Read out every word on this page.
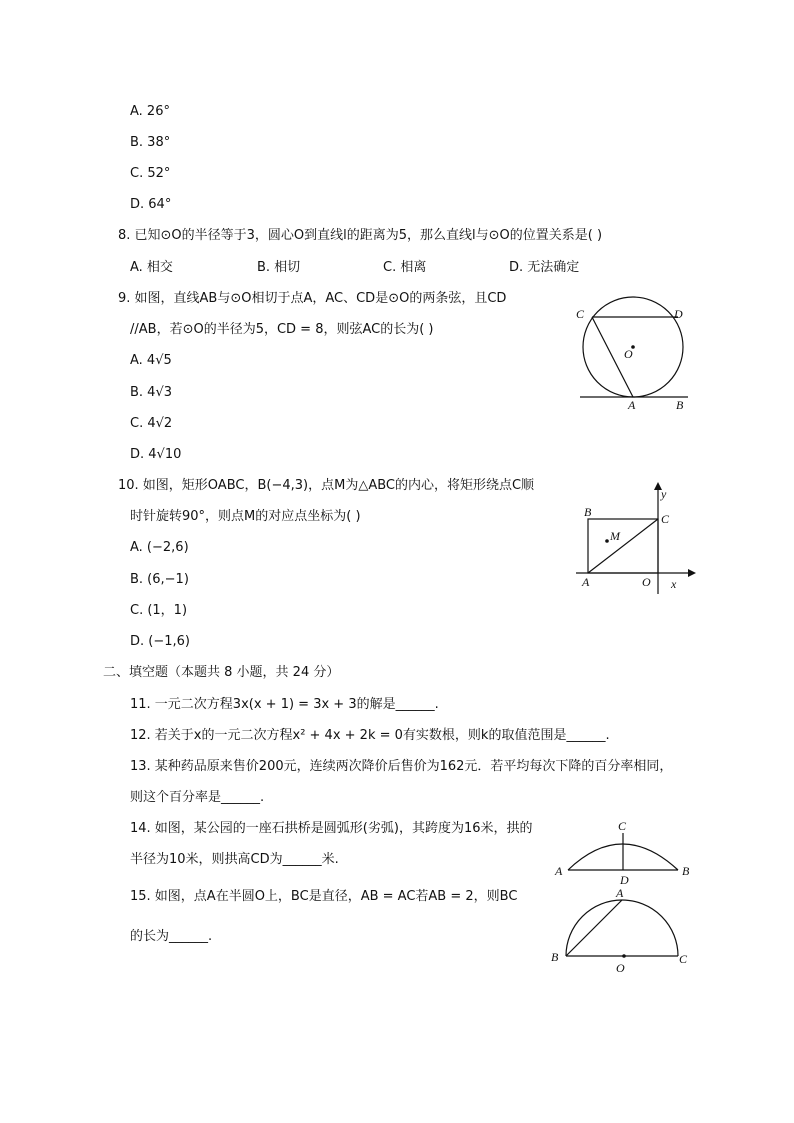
A. 26°
B. 38°
C. 52°
D. 64°
8. 已知⊙O的半径等于3，圆心O到直线l的距离为5，那么直线l与⊙O的位置关系是( )
A. 相交	B. 相切	C. 相离	D. 无法确定
9. 如图，直线AB与⊙O相切于点A，AC、CD是⊙O的两条弦，且CD
//AB，若⊙O的半径为5，CD = 8，则弦AC的长为( )
A. 4√5
B. 4√3
C. 4√2
D. 4√10
C	D
O
A	B
10. 如图，矩形OABC，B(−4,3)，点M为△ABC的内心，将矩形绕点C顺
时针旋转90°，则点M的对应点坐标为( )
A. (−2,6)
B. (6,−1)
C. (1，1)
D. (−1,6)
y
B	C
M
A	O x
二、填空题（本题共 8 小题，共 24 分）
11. 一元二次方程3x(x + 1) = 3x + 3的解是______.
12. 若关于x的一元二次方程x² + 4x + 2k = 0有实数根，则k的取值范围是______.
13. 某种药品原来售价200元，连续两次降价后售价为162元．若平均每次下降的百分率相同，
则这个百分率是______.
14. 如图，某公园的一座石拱桥是圆弧形(劣弧)，其跨度为16米，拱的
半径为10米，则拱高CD为______米.
C
A
D
B
15. 如图，点A在半圆O上，BC是直径，AB = AC若AB = 2，则BC
的长为______.
A
B
O
C
